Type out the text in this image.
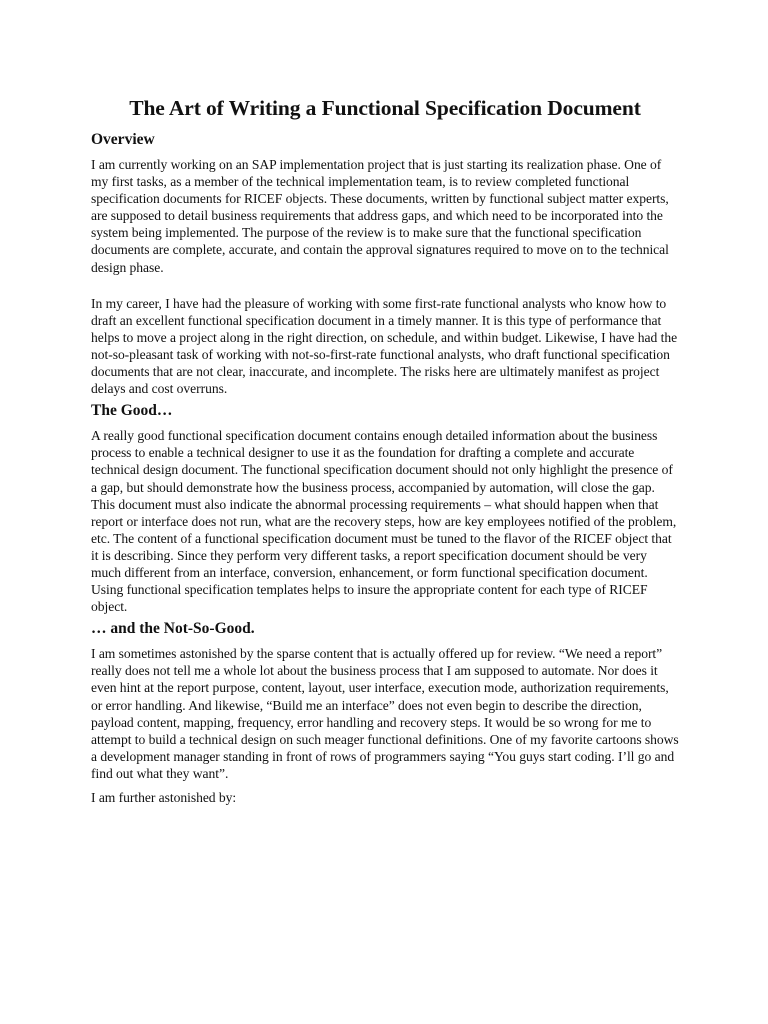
The Art of Writing a Functional Specification Document
Overview

I am currently working on an SAP implementation project that is just starting its realization phase. One of my first tasks, as a member of the technical implementation team, is to review completed functional specification documents for RICEF objects. These documents, written by functional subject matter experts, are supposed to detail business requirements that address gaps, and which need to be incorporated into the system being implemented. The purpose of the review is to make sure that the functional specification documents are complete, accurate, and contain the approval signatures required to move on to the technical design phase.

In my career, I have had the pleasure of working with some first-rate functional analysts who know how to draft an excellent functional specification document in a timely manner. It is this type of performance that helps to move a project along in the right direction, on schedule, and within budget. Likewise, I have had the not-so-pleasant task of working with not-so-first-rate functional analysts, who draft functional specification documents that are not clear, inaccurate, and incomplete. The risks here are ultimately manifest as project delays and cost overruns.

The Good…

A really good functional specification document contains enough detailed information about the business process to enable a technical designer to use it as the foundation for drafting a complete and accurate technical design document. The functional specification document should not only highlight the presence of a gap, but should demonstrate how the business process, accompanied by automation, will close the gap. This document must also indicate the abnormal processing requirements – what should happen when that report or interface does not run, what are the recovery steps, how are key employees notified of the problem, etc. The content of a functional specification document must be tuned to the flavor of the RICEF object that it is describing. Since they perform very different tasks, a report specification document should be very much different from an interface, conversion, enhancement, or form functional specification document. Using functional specification templates helps to insure the appropriate content for each type of RICEF object.

… and the Not-So-Good.

I am sometimes astonished by the sparse content that is actually offered up for review. “We need a report” really does not tell me a whole lot about the business process that I am supposed to automate. Nor does it even hint at the report purpose, content, layout, user interface, execution mode, authorization requirements, or error handling. And likewise, “Build me an interface” does not even begin to describe the direction, payload content, mapping, frequency, error handling and recovery steps. It would be so wrong for me to attempt to build a technical design on such meager functional definitions. One of my favorite cartoons shows a development manager standing in front of rows of programmers saying “You guys start coding. I’ll go and find out what they want”.

I am further astonished by:
